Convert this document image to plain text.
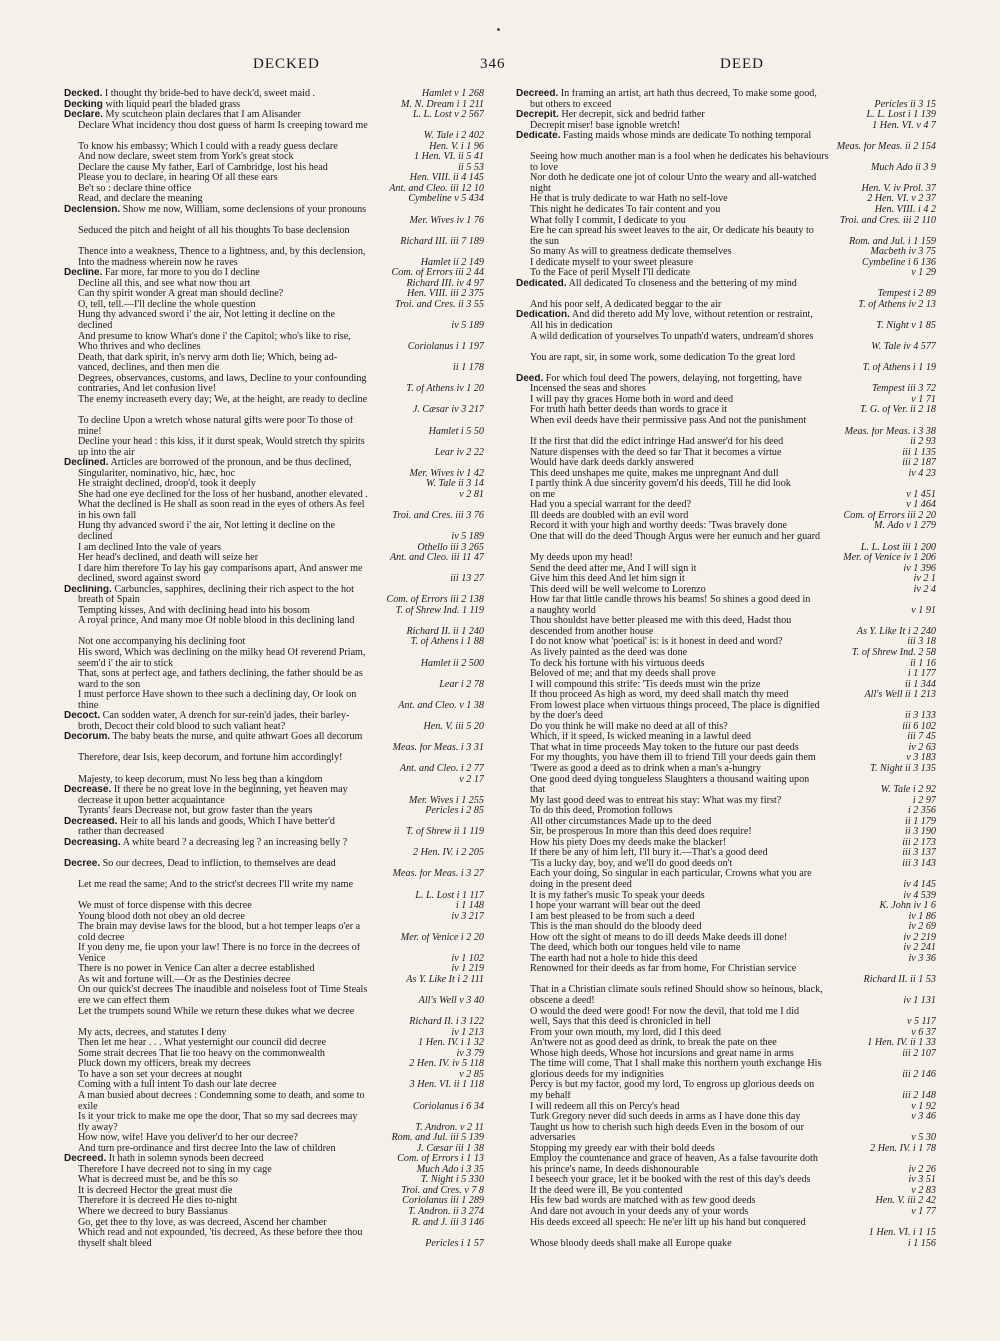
DECKED	346	DEED
Decked. I thought thy bride-bed to have deck'd, sweet maid .	Hamlet v 1 268
Decking with liquid pearl the bladed grass	M. N. Dream i 1 211
Declare. My scutcheon plain declares that I am Alisander	L. L. Lost v 2 567
Declare What incidency thou dost guess of harm Is creeping toward me
W. Tale i 2 402
To know his embassy; Which I could with a ready guess declare	Hen. V. i 1 96
And now declare, sweet stem from York's great stock	1 Hen. VI. ii 5 41
Declare the cause My father, Earl of Cambridge, lost his head	ii 5 53
Please you to declare, in hearing Of all these ears	Hen. VIII. ii 4 145
Be't so : declare thine office	Ant. and Cleo. iii 12 10
Read, and declare the meaning	Cymbeline v 5 434
Declension. Show me now, William, some declensions of your pronouns
Mer. Wives iv 1 76
Seduced the pitch and height of all his thoughts To base declension
Richard III. iii 7 189
Thence into a weakness, Thence to a lightness, and, by this declension,
Into the madness wherein now he raves	Hamlet ii 2 149
Decline. Far more, far more to you do I decline	Com. of Errors iii 2 44
Decline all this, and see what now thou art	Richard III. iv 4 97
Can thy spirit wonder A great man should decline?	Hen. VIII. iii 2 375
O, tell, tell.—I'll decline the whole question	Troi. and Cres. ii 3 55
Hung thy advanced sword i' the air, Not letting it decline on the
declined	iv 5 189
And presume to know What's done i' the Capitol; who's like to rise,
Who thrives and who declines	Coriolanus i 1 197
Death, that dark spirit, in's nervy arm doth lie; Which, being ad-
vanced, declines, and then men die	ii 1 178
Degrees, observances, customs, and laws, Decline to your confounding
contraries, And let confusion live!	T. of Athens iv 1 20
The enemy increaseth every day; We, at the height, are ready to decline
J. Cæsar iv 3 217
To decline Upon a wretch whose natural gifts were poor To those of
mine!	Hamlet i 5 50
Decline your head : this kiss, if it durst speak, Would stretch thy spirits
up into the air	Lear iv 2 22
Declined. Articles are borrowed of the pronoun, and be thus declined,
Singulariter, nominativo, hic, hæc, hoc	Mer. Wives iv 1 42
He straight declined, droop'd, took it deeply	W. Tale ii 3 14
She had one eye declined for the loss of her husband, another elevated .	v 2 81
What the declined is He shall as soon read in the eyes of others As feel
in his own fall	Troi. and Cres. iii 3 76
Hung thy advanced sword i' the air, Not letting it decline on the
declined	iv 5 189
I am declined Into the vale of years	Othello iii 3 265
Her head's declined, and death will seize her	Ant. and Cleo. iii 11 47
I dare him therefore To lay his gay comparisons apart, And answer me
declined, sword against sword	iii 13 27
Declining. Carbuncles, sapphires, declining their rich aspect to the hot
breath of Spain	Com. of Errors iii 2 138
Tempting kisses, And with declining head into his bosom	T. of Shrew Ind. 1 119
A royal prince, And many moe Of noble blood in this declining land
Richard II. ii 1 240
Not one accompanying his declining foot	T. of Athens i 1 88
His sword, Which was declining on the milky head Of reverend Priam,
seem'd i' the air to stick	Hamlet ii 2 500
That, sons at perfect age, and fathers declining, the father should be as
ward to the son	Lear i 2 78
I must perforce Have shown to thee such a declining day, Or look on
thine	Ant. and Cleo. v 1 38
Decoct. Can sodden water, A drench for sur-rein'd jades, their barley-
broth, Decoct their cold blood to such valiant heat?	Hen. V. iii 5 20
Decorum. The baby beats the nurse, and quite athwart Goes all decorum
Meas. for Meas. i 3 31
Therefore, dear Isis, keep decorum, and fortune him accordingly!
Ant. and Cleo. i 2 77
Majesty, to keep decorum, must No less beg than a kingdom	v 2 17
Decrease. If there be no great love in the beginning, yet heaven may
decrease it upon better acquaintance	Mer. Wives i 1 255
Tyrants' fears Decrease not, but grow faster than the years	Pericles i 2 85
Decreased. Heir to all his lands and goods, Which I have better'd
rather than decreased	T. of Shrew ii 1 119
Decreasing. A white beard ? a decreasing leg ? an increasing belly ?
2 Hen. IV. i 2 205
Decree. So our decrees, Dead to infliction, to themselves are dead
Meas. for Meas. i 3 27
Let me read the same; And to the strict'st decrees I'll write my name
L. L. Lost i 1 117
We must of force dispense with this decree	i 1 148
Young blood doth not obey an old decree	iv 3 217
The brain may devise laws for the blood, but a hot temper leaps o'er a
cold decree	Mer. of Venice i 2 20
If you deny me, fie upon your law! There is no force in the decrees of
Venice	iv 1 102
There is no power in Venice Can alter a decree established	iv 1 219
As wit and fortune will.—Or as the Destinies decree	As Y. Like It i 2 111
On our quick'st decrees The inaudible and noiseless foot of Time Steals
ere we can effect them	All's Well v 3 40
Let the trumpets sound While we return these dukes what we decree
Richard II. i 3 122
My acts, decrees, and statutes I deny	iv 1 213
Then let me hear . . . What yesternight our council did decree	1 Hen. IV. i 1 32
Some strait decrees That lie too heavy on the commonwealth	iv 3 79
Pluck down my officers, break my decrees	2 Hen. IV. iv 5 118
To have a son set your decrees at nought	v 2 85
Coming with a full intent To dash our late decree	3 Hen. VI. ii 1 118
A man busied about decrees : Condemning some to death, and some to
exile	Coriolanus i 6 34
Is it your trick to make me ope the door, That so my sad decrees may
fly away?	T. Andron. v 2 11
How now, wife! Have you deliver'd to her our decree?	Rom. and Jul. iii 5 139
And turn pre-ordinance and first decree Into the law of children	J. Cæsar iii 1 38
Decreed. It hath in solemn synods been decreed	Com. of Errors i 1 13
Therefore I have decreed not to sing in my cage	Much Ado i 3 35
What is decreed must be, and be this so	T. Night i 5 330
It is decreed Hector the great must die	Troi. and Cres. v 7 8
Therefore it is decreed He dies to-night	Coriolanus iii 1 289
Where we decreed to bury Bassianus	T. Andron. ii 3 274
Go, get thee to thy love, as was decreed, Ascend her chamber	R. and J. iii 3 146
Which read and not expounded, 'tis decreed, As these before thee thou
thyself shalt bleed	Pericles i 1 57
Decreed. In framing an artist, art hath thus decreed, To make some good,
but others to exceed	Pericles ii 3 15
Decrepit. Her decrepit, sick and bedrid father	L. L. Lost i 1 139
Decrepit miser! base ignoble wretch!	1 Hen. VI. v 4 7
Dedicate. Fasting maids whose minds are dedicate To nothing temporal
Meas. for Meas. ii 2 154
Seeing how much another man is a fool when he dedicates his behaviours
to love	Much Ado ii 3 9
Nor doth he dedicate one jot of colour Unto the weary and all-watched
night	Hen. V. iv Prol. 37
He that is truly dedicate to war Hath no self-love	2 Hen. VI. v 2 37
This night he dedicates To fair content and you	Hen. VIII. i 4 2
What folly I commit, I dedicate to you	Troi. and Cres. iii 2 110
Ere he can spread his sweet leaves to the air, Or dedicate his beauty to
the sun	Rom. and Jul. i 1 159
So many As will to greatness dedicate themselves	Macbeth iv 3 75
I dedicate myself to your sweet pleasure	Cymbeline i 6 136
To the Face of peril Myself I'll dedicate	v 1 29
Dedicated. All dedicated To closeness and the bettering of my mind
Tempest i 2 89
And his poor self, A dedicated beggar to the air	T. of Athens iv 2 13
Dedication. And did thereto add My love, without retention or restraint,
All his in dedication	T. Night v 1 85
A wild dedication of yourselves To unpath'd waters, undream'd shores
W. Tale iv 4 577
You are rapt, sir, in some work, some dedication To the great lord
T. of Athens i 1 19
Deed. For which foul deed The powers, delaying, not forgetting, have
Incensed the seas and shores	Tempest iii 3 72
I will pay thy graces Home both in word and deed	v 1 71
For truth hath better deeds than words to grace it	T. G. of Ver. ii 2 18
When evil deeds have their permissive pass And not the punishment
Meas. for Meas. i 3 38
If the first that did the edict infringe Had answer'd for his deed	ii 2 93
Nature dispenses with the deed so far That it becomes a virtue	iii 1 135
Would have dark deeds darkly answered	iii 2 187
This deed unshapes me quite, makes me unpregnant And dull	iv 4 23
I partly think A due sincerity govern'd his deeds, Till he did look
on me	v 1 451
Had you a special warrant for the deed?	v 1 464
Ill deeds are doubled with an evil word	Com. of Errors iii 2 20
Record it with your high and worthy deeds: 'Twas bravely done	M. Ado v 1 279
One that will do the deed Though Argus were her eunuch and her guard
L. L. Lost iii 1 200
My deeds upon my head!	Mer. of Venice iv 1 206
Send the deed after me, And I will sign it	iv 1 396
Give him this deed And let him sign it	iv 2 1
This deed will be well welcome to Lorenzo	iv 2 4
How far that little candle throws his beams! So shines a good deed in
a naughty world	v 1 91
Thou shouldst have better pleased me with this deed, Hadst thou
descended from another house	As Y. Like It i 2 240
I do not know what 'poetical' is: is it honest in deed and word?	iii 3 18
As lively painted as the deed was done	T. of Shrew Ind. 2 58
To deck his fortune with his virtuous deeds	ii 1 16
Beloved of me; and that my deeds shall prove	i 1 177
I will compound this strife: 'Tis deeds must win the prize	ii 1 344
If thou proceed As high as word, my deed shall match thy meed	All's Well ii 1 213
From lowest place when virtuous things proceed, The place is dignified
by the doer's deed	ii 3 133
Do you think he will make no deed at all of this?	iii 6 102
Which, if it speed, Is wicked meaning in a lawful deed	iii 7 45
That what in time proceeds May token to the future our past deeds	iv 2 63
For my thoughts, you have them ill to friend Till your deeds gain them	v 3 183
'Twere as good a deed as to drink when a man's a-hungry	T. Night ii 3 135
One good deed dying tongueless Slaughters a thousand waiting upon
that	W. Tale i 2 92
My last good deed was to entreat his stay: What was my first?	i 2 97
To do this deed, Promotion follows	i 2 356
All other circumstances Made up to the deed	ii 1 179
Sir, be prosperous In more than this deed does require!	ii 3 190
How his piety Does my deeds make the blacker!	iii 2 173
If there be any of him left, I'll bury it.—That's a good deed	iii 3 137
'Tis a lucky day, boy, and we'll do good deeds on't	iii 3 143
Each your doing, So singular in each particular, Crowns what you are
doing in the present deed	iv 4 145
It is my father's music To speak your deeds	iv 4 539
I hope your warrant will bear out the deed	K. John iv 1 6
I am best pleased to be from such a deed	iv 1 86
This is the man should do the bloody deed	iv 2 69
How oft the sight of means to do ill deeds Make deeds ill done!	iv 2 219
The deed, which both our tongues held vile to name	iv 2 241
The earth had not a hole to hide this deed	iv 3 36
Renowned for their deeds as far from home, For Christian service
Richard II. ii 1 53
That in a Christian climate souls refined Should show so heinous, black,
obscene a deed!	iv 1 131
O would the deed were good! For now the devil, that told me I did
well, Says that this deed is chronicled in hell	v 5 117
From your own mouth, my lord, did I this deed	v 6 37
An'twere not as good deed as drink, to break the pate on thee	1 Hen. IV. ii 1 33
Whose high deeds, Whose hot incursions and great name in arms	iii 2 107
The time will come, That I shall make this northern youth exchange His
glorious deeds for my indignities	iii 2 146
Percy is but my factor, good my lord, To engross up glorious deeds on
my behalf	iii 2 148
I will redeem all this on Percy's head	v 1 92
Turk Gregory never did such deeds in arms as I have done this day	v 3 46
Taught us how to cherish such high deeds Even in the bosom of our
adversaries	v 5 30
Stopping my greedy ear with their bold deeds	2 Hen. IV. i 1 78
Employ the countenance and grace of heaven, As a false favourite doth
his prince's name, In deeds dishonourable	iv 2 26
I beseech your grace, let it be booked with the rest of this day's deeds	iv 3 51
If the deed were ill, Be you contented	v 2 83
His few bad words are matched with as few good deeds	Hen. V. iii 2 42
And dare not avouch in your deeds any of your words	v 1 77
His deeds exceed all speech: He ne'er lift up his hand but conquered
1 Hen. VI. i 1 15
Whose bloody deeds shall make all Europe quake	i 1 156
